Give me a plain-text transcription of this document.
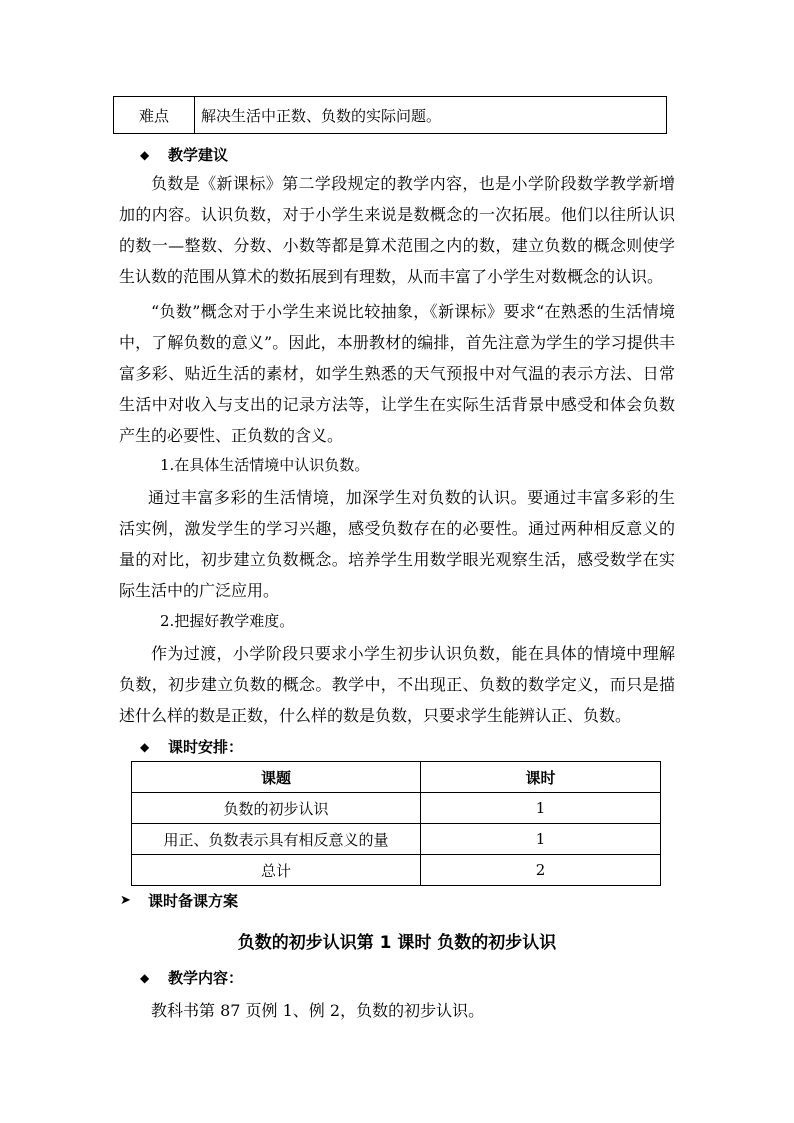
难点	解决生活中正数、负数的实际问题。
◆	教学建议
负数是《新课标》第二学段规定的教学内容，也是小学阶段数学教学新增加的内容。认识负数，对于小学生来说是数概念的一次拓展。他们以往所认识的数一—整数、分数、小数等都是算术范围之内的数，建立负数的概念则使学生认数的范围从算术的数拓展到有理数，从而丰富了小学生对数概念的认识。
“负数”概念对于小学生来说比较抽象，《新课标》要求“在熟悉的生活情境中，了解负数的意义”。因此，本册教材的编排，首先注意为学生的学习提供丰富多彩、贴近生活的素材，如学生熟悉的天气预报中对气温的表示方法、日常生活中对收入与支出的记录方法等，让学生在实际生活背景中感受和体会负数产生的必要性、正负数的含义。
1.在具体生活情境中认识负数。
通过丰富多彩的生活情境，加深学生对负数的认识。要通过丰富多彩的生活实例，激发学生的学习兴趣，感受负数存在的必要性。通过两种相反意义的量的对比，初步建立负数概念。培养学生用数学眼光观察生活，感受数学在实际生活中的广泛应用。
2.把握好教学难度。
作为过渡，小学阶段只要求小学生初步认识负数，能在具体的情境中理解负数，初步建立负数的概念。教学中，不出现正、负数的数学定义，而只是描述什么样的数是正数，什么样的数是负数，只要求学生能辨认正、负数。
◆	课时安排：
课题	课时
负数的初步认识	1
用正、负数表示具有相反意义的量	1
总计	2
➤	课时备课方案
负数的初步认识第 1 课时 负数的初步认识
◆	教学内容：
教科书第 87 页例 1、例 2，负数的初步认识。
